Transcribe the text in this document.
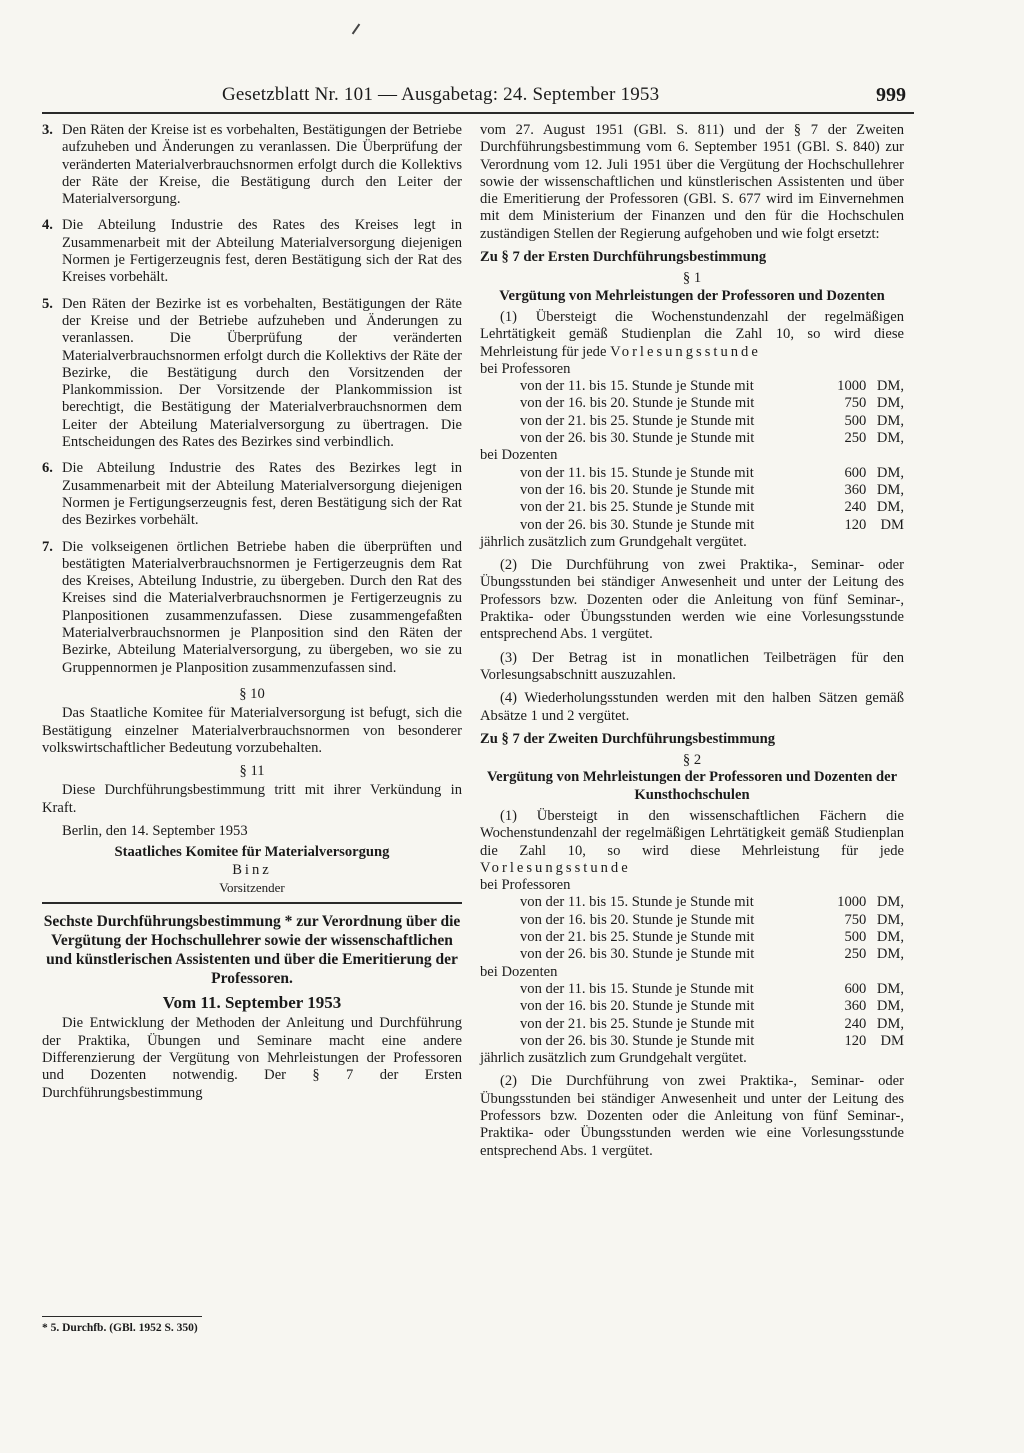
Gesetzblatt Nr. 101 — Ausgabetag: 24. September 1953	999
3. Den Räten der Kreise ist es vorbehalten, Bestätigungen der Betriebe aufzuheben und Änderungen zu veranlassen. Die Überprüfung der veränderten Materialverbrauchsnormen erfolgt durch die Kollektivs der Räte der Kreise, die Bestätigung durch den Leiter der Materialversorgung.

4. Die Abteilung Industrie des Rates des Kreises legt in Zusammenarbeit mit der Abteilung Materialversorgung diejenigen Normen je Fertigerzeugnis fest, deren Bestätigung sich der Rat des Kreises vorbehält.

5. Den Räten der Bezirke ist es vorbehalten, Bestätigungen der Räte der Kreise und der Betriebe aufzuheben und Änderungen zu veranlassen. Die Überprüfung der veränderten Materialverbrauchsnormen erfolgt durch die Kollektivs der Räte der Bezirke, die Bestätigung durch den Vorsitzenden der Plankommission. Der Vorsitzende der Plankommission ist berechtigt, die Bestätigung der Materialverbrauchsnormen dem Leiter der Abteilung Materialversorgung zu übertragen. Die Entscheidungen des Rates des Bezirkes sind verbindlich.

6. Die Abteilung Industrie des Rates des Bezirkes legt in Zusammenarbeit mit der Abteilung Materialversorgung diejenigen Normen je Fertigungserzeugnis fest, deren Bestätigung sich der Rat des Bezirkes vorbehält.

7. Die volkseigenen örtlichen Betriebe haben die überprüften und bestätigten Materialverbrauchsnormen je Fertigerzeugnis dem Rat des Kreises, Abteilung Industrie, zu übergeben. Durch den Rat des Kreises sind die Materialverbrauchsnormen je Fertigerzeugnis zu Planpositionen zusammenzufassen. Diese zusammengefaßten Materialverbrauchsnormen je Planposition sind den Räten der Bezirke, Abteilung Materialversorgung, zu übergeben, wo sie zu Gruppennormen je Planposition zusammenzufassen sind.

§ 10

Das Staatliche Komitee für Materialversorgung ist befugt, sich die Bestätigung einzelner Materialverbrauchsnormen von besonderer volkswirtschaftlicher Bedeutung vorzubehalten.

§ 11

Diese Durchführungsbestimmung tritt mit ihrer Verkündung in Kraft.

Berlin, den 14. September 1953

Staatliches Komitee für Materialversorgung

Binz

Vorsitzender

Sechste Durchführungsbestimmung * zur Verordnung über die Vergütung der Hochschullehrer sowie der wissenschaftlichen und künstlerischen Assistenten und über die Emeritierung der Professoren.

Vom 11. September 1953

Die Entwicklung der Methoden der Anleitung und Durchführung der Praktika, Übungen und Seminare macht eine andere Differenzierung der Vergütung von Mehrleistungen der Professoren und Dozenten notwendig. Der § 7 der Ersten Durchführungsbestimmung

* 5. Durchfb. (GBl. 1952 S. 350)

vom 27. August 1951 (GBl. S. 811) und der § 7 der Zweiten Durchführungsbestimmung vom 6. September 1951 (GBl. S. 840) zur Verordnung vom 12. Juli 1951 über die Vergütung der Hochschullehrer sowie der wissenschaftlichen und künstlerischen Assistenten und über die Emeritierung der Professoren (GBl. S. 677 wird im Einvernehmen mit dem Ministerium der Finanzen und den für die Hochschulen zuständigen Stellen der Regierung aufgehoben und wie folgt ersetzt:

Zu § 7 der Ersten Durchführungsbestimmung

§ 1

Vergütung von Mehrleistungen der Professoren und Dozenten

(1) Übersteigt die Wochenstundenzahl der regelmäßigen Lehrtätigkeit gemäß Studienplan die Zahl 10, so wird diese Mehrleistung für jede Vorlesungsstunde

bei Professoren

von der 11. bis 15. Stunde je Stunde mit	1000 DM,
von der 16. bis 20. Stunde je Stunde mit	750 DM,
von der 21. bis 25. Stunde je Stunde mit	500 DM,
von der 26. bis 30. Stunde je Stunde mit	250 DM,

bei Dozenten

von der 11. bis 15. Stunde je Stunde mit	600 DM,
von der 16. bis 20. Stunde je Stunde mit	360 DM,
von der 21. bis 25. Stunde je Stunde mit	240 DM,
von der 26. bis 30. Stunde je Stunde mit	120 DM

jährlich zusätzlich zum Grundgehalt vergütet.

(2) Die Durchführung von zwei Praktika-, Seminar- oder Übungsstunden bei ständiger Anwesenheit und unter der Leitung des Professors bzw. Dozenten oder die Anleitung von fünf Seminar-, Praktika- oder Übungsstunden werden wie eine Vorlesungsstunde entsprechend Abs. 1 vergütet.

(3) Der Betrag ist in monatlichen Teilbeträgen für den Vorlesungsabschnitt auszuzahlen.

(4) Wiederholungsstunden werden mit den halben Sätzen gemäß Absätze 1 und 2 vergütet.

Zu § 7 der Zweiten Durchführungsbestimmung

§ 2

Vergütung von Mehrleistungen der Professoren und Dozenten der Kunsthochschulen

(1) Übersteigt in den wissenschaftlichen Fächern die Wochenstundenzahl der regelmäßigen Lehrtätigkeit gemäß Studienplan die Zahl 10, so wird diese Mehrleistung für jede Vorlesungsstunde

bei Professoren

von der 11. bis 15. Stunde je Stunde mit	1000 DM,
von der 16. bis 20. Stunde je Stunde mit	750 DM,
von der 21. bis 25. Stunde je Stunde mit	500 DM,
von der 26. bis 30. Stunde je Stunde mit	250 DM,

bei Dozenten

von der 11. bis 15. Stunde je Stunde mit	600 DM,
von der 16. bis 20. Stunde je Stunde mit	360 DM,
von der 21. bis 25. Stunde je Stunde mit	240 DM,
von der 26. bis 30. Stunde je Stunde mit	120 DM

jährlich zusätzlich zum Grundgehalt vergütet.

(2) Die Durchführung von zwei Praktika-, Seminar- oder Übungsstunden bei ständiger Anwesenheit und unter der Leitung des Professors bzw. Dozenten oder die Anleitung von fünf Seminar-, Praktika- oder Übungsstunden werden wie eine Vorlesungsstunde entsprechend Abs. 1 vergütet.
